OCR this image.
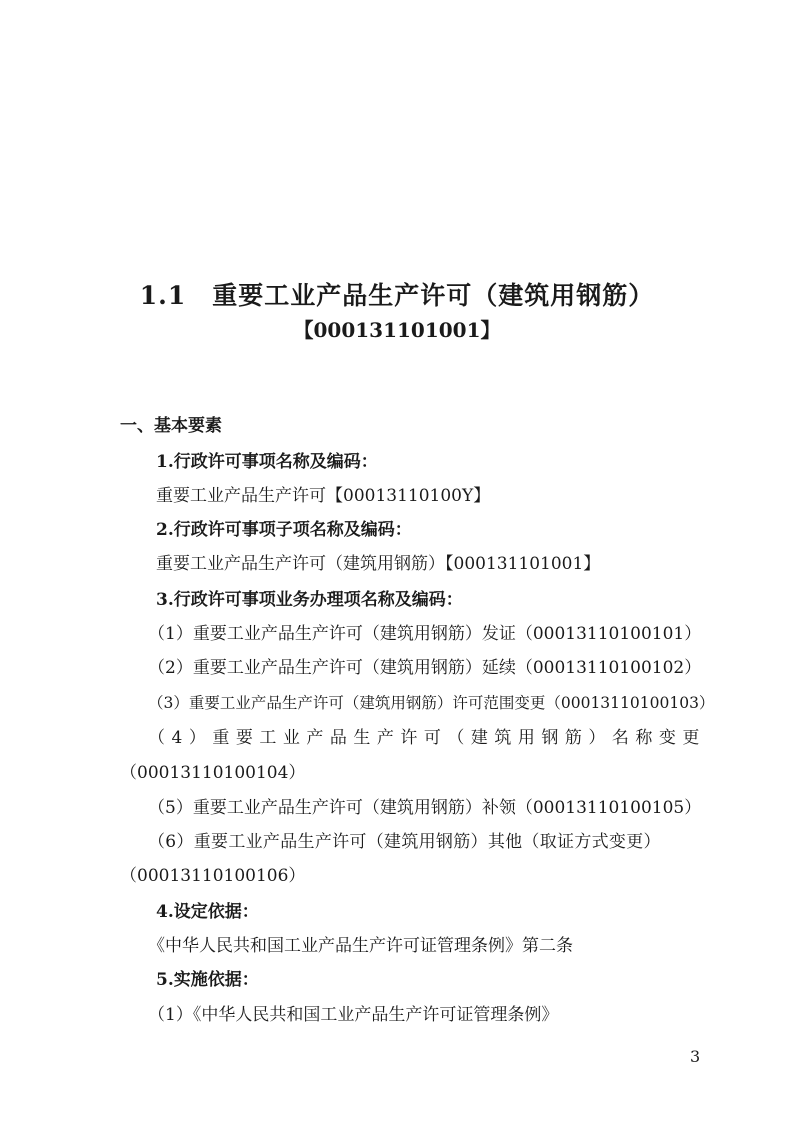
1.1 重要工业产品生产许可（建筑用钢筋）
【000131101001】
一、基本要素
1.行政许可事项名称及编码：
重要工业产品生产许可【00013110100Y】
2.行政许可事项子项名称及编码：
重要工业产品生产许可（建筑用钢筋）【000131101001】
3.行政许可事项业务办理项名称及编码：
（1）重要工业产品生产许可（建筑用钢筋）发证（00013110100101）
（2）重要工业产品生产许可（建筑用钢筋）延续（00013110100102）
（3）重要工业产品生产许可（建筑用钢筋）许可范围变更（00013110100103）
（4）重要工业产品生产许可（建筑用钢筋）名称变更
（00013110100104）
（5）重要工业产品生产许可（建筑用钢筋）补领（00013110100105）
（6）重要工业产品生产许可（建筑用钢筋）其他（取证方式变更）
（00013110100106）
4.设定依据：
《中华人民共和国工业产品生产许可证管理条例》第二条
5.实施依据：
（1）《中华人民共和国工业产品生产许可证管理条例》
3
